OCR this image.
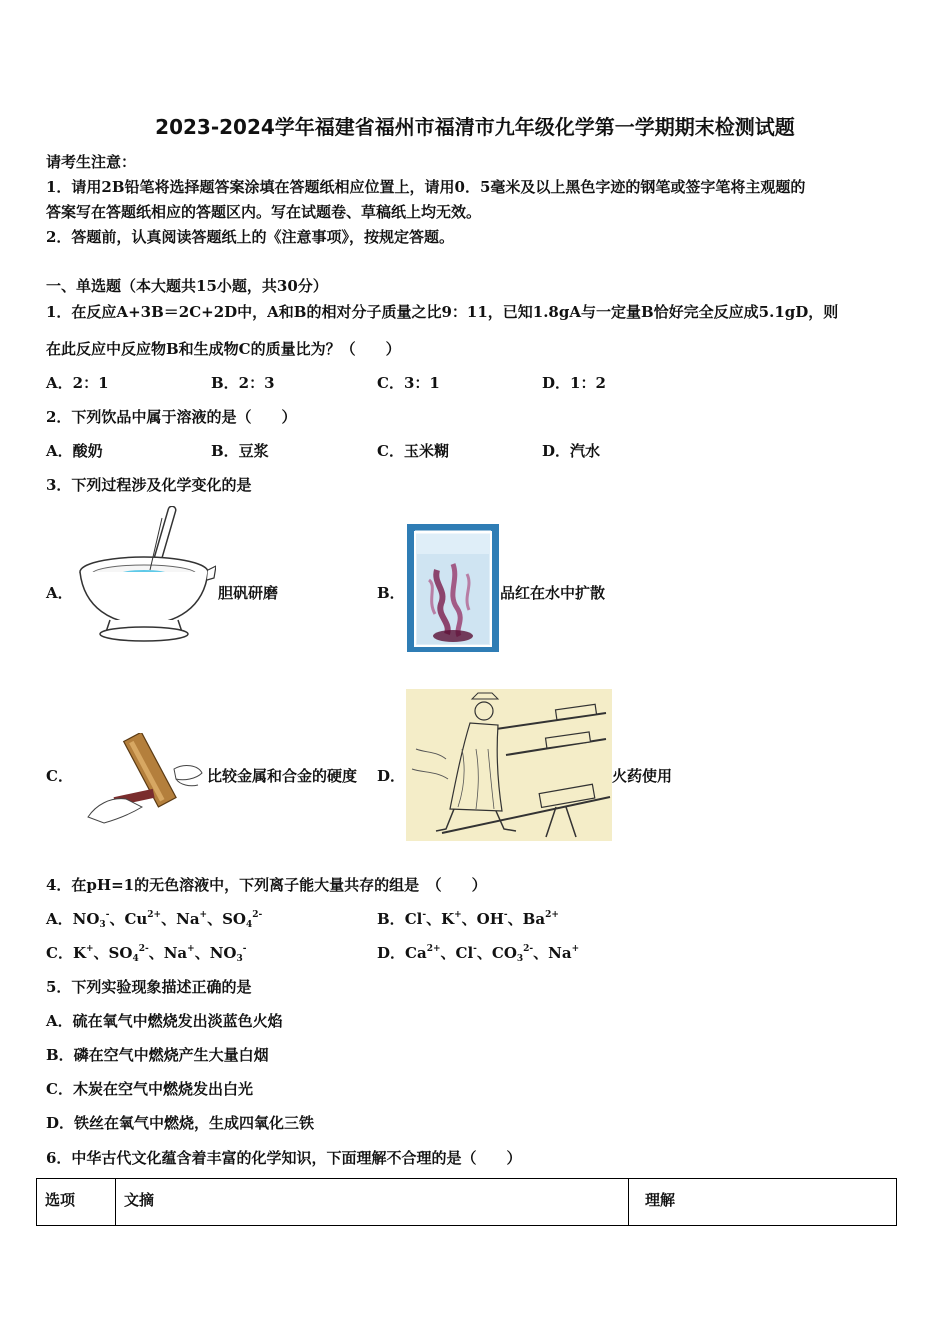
2023-2024学年福建省福州市福清市九年级化学第一学期期末检测试题
请考生注意：
1．请用2B铅笔将选择题答案涂填在答题纸相应位置上，请用0．5毫米及以上黑色字迹的钢笔或签字笔将主观题的
答案写在答题纸相应的答题区内。写在试题卷、草稿纸上均无效。
2．答题前，认真阅读答题纸上的《注意事项》，按规定答题。
一、单选题（本大题共15小题，共30分）
1．在反应A+3B＝2C+2D中，A和B的相对分子质量之比9：11，已知1.8gA与一定量B恰好完全反应成5.1gD，则
在此反应中反应物B和生成物C的质量比为？（　　）
A．2：1	B．2：3	C．3：1	D．1：2
2．下列饮品中属于溶液的是（　　）
A．酸奶	B．豆浆	C．玉米糊	D．汽水
3．下列过程涉及化学变化的是
A．	胆矾研磨	B．	品红在水中扩散
C．	比较金属和合金的硬度 D．	火药使用
4．在pH=1的无色溶液中，下列离子能大量共存的组是　（　　）
A．$NO_3^-$、$Cu^{2+}$、Na+、$SO_4^{2-}$	B．Cl-、K+、OH-、$Ba^{2+}$
C．K+、$SO_4^{2-}$、Na+、$NO_3^-$	D．$Ca^{2+}$、Cl-、$CO_3^{2-}$、Na+
5．下列实验现象描述正确的是
A．硫在氧气中燃烧发出淡蓝色火焰
B．磷在空气中燃烧产生大量白烟
C．木炭在空气中燃烧发出白光
D．铁丝在氧气中燃烧，生成四氧化三铁
6．中华古代文化蕴含着丰富的化学知识，下面理解不合理的是（　　）
选项	文摘	理解
